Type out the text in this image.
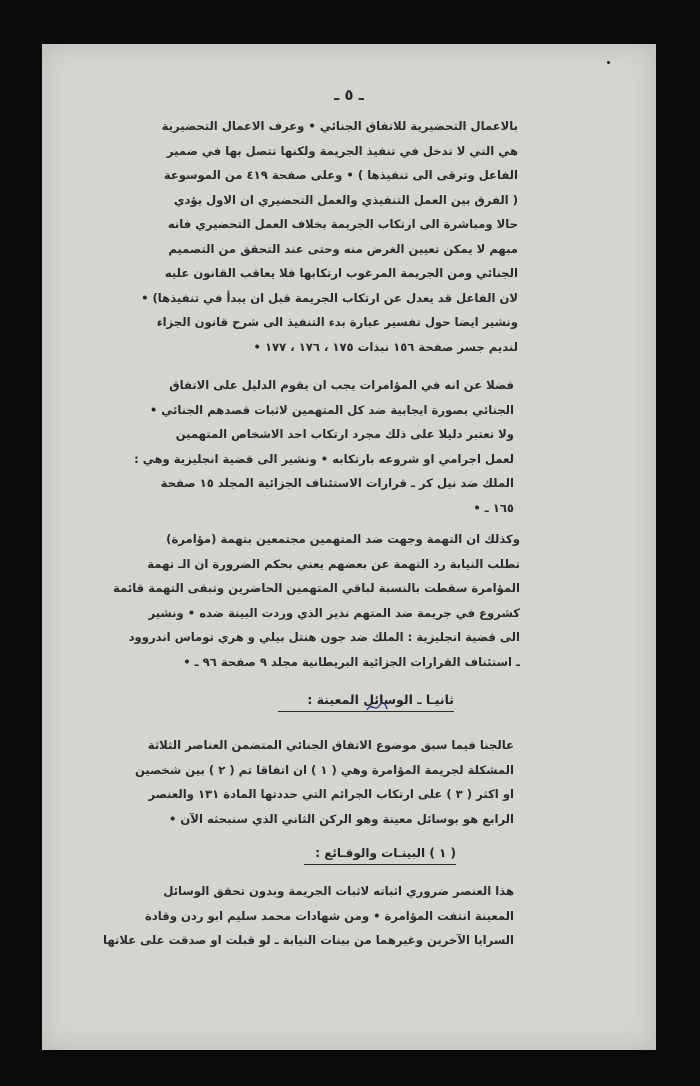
ـ ٥ ـ
بالاعمال التحضيرية للاتفاق الجنائي • وعرف الاعمال التحضيرية
هي التي لا تدخل في تنفيذ الجريمة ولكنها تتصل بها في ضمير
الفاعل وترقى الى تنفيذها ) • وعلى صفحة ٤١٩ من الموسوعة
( الفرق بين العمل التنفيذي والعمل التحضيري ان الاول يؤدي
حالا ومباشرة الى ارتكاب الجريمة بخلاف العمل التحضيري فانه
مبهم لا يمكن تعيين الغرض منه وحتى عند التحقق من التصميم
الجنائي ومن الجريمة المرغوب ارتكابها فلا يعاقب القانون عليه
لان الفاعل قد يعدل عن ارتكاب الجريمة قبل ان يبدأ في تنفيذها) •
ونشير ايضا حول تفسير عبارة بدء التنفيذ الى شرح قانون الجزاء
لنديم جسر صفحة ١٥٦ نبذات ١٧٥ ، ١٧٦ ، ١٧٧ •
فضلا عن انه في المؤامرات يجب ان يقوم الدليل على الاتفاق
الجنائي بصورة ايجابية ضد كل المتهمين لاثبات قصدهم الجنائي •
ولا تعتبر دليلا على ذلك مجرد ارتكاب احد الاشخاص المتهمين
لعمل اجرامي او شروعه بارتكابه • ونشير الى قضية انجليزية وهي :
الملك ضد نيل كر ـ قرارات الاستئناف الجزائية المجلد ١٥ صفحة
١٦٥ ـ •
وكذلك ان التهمة وجهت ضد المتهمين مجتمعين بتهمة (مؤامرة)
تطلب النيابة رد التهمة عن بعضهم يعني بحكم الضرورة ان الـ تهمة
المؤامرة سقطت بالنسبة لباقي المتهمين الحاضرين وتبقى التهمة قائمة
كشروع في جريمة ضد المتهم نذير الذي وردت البينة ضده • ونشير
الى قضية انجليزية : الملك ضد جون هنتل بيلي و هري توماس اندروود
ـ استئناف القرارات الجزائية البريطانية مجلد ٩ صفحة ٩٦ ـ •
ثانيـا ـ الوسائل المعينة :
عالجنا فيما سبق موضوع الاتفاق الجنائي المتضمن العناصر الثلاثة
المشكلة لجريمة المؤامرة وهي ( ١ ) ان اتفاقا تم ( ٢ ) بين شخصين
او اكثر ( ٣ ) على ارتكاب الجرائم التي حددتها المادة ١٣١ والعنصر
الرابع هو بوسائل معينة وهو الركن الثاني الذي سنبحثه الآن •
( ١ ) البينـات والوقـائع :
هذا العنصر ضروري اثباته لاثبات الجريمة وبدون تحقق الوسائل
المعينة انتفت المؤامرة • ومن شهادات محمد سليم ابو ردن وقادة
السرايا الآخرين وغيرهما من بينات النيابة ـ لو قبلت او صدقت على علاتها
